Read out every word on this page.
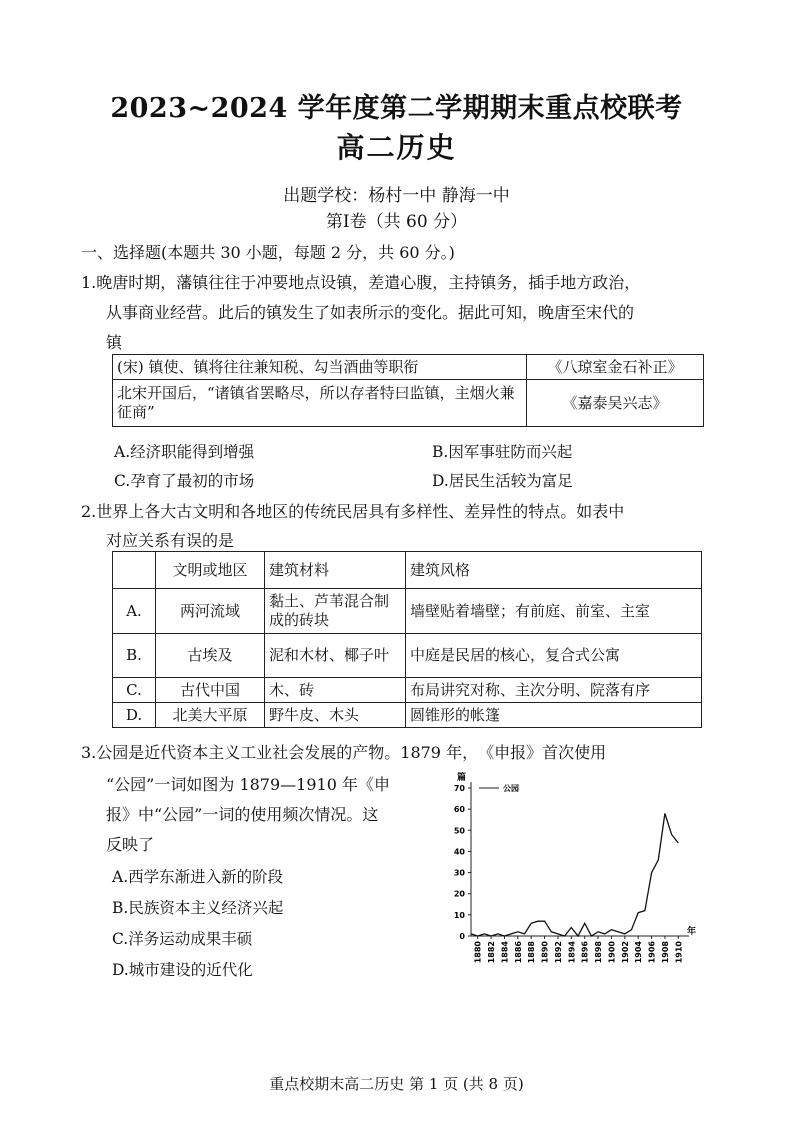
2023~2024 学年度第二学期期末重点校联考
高二历史
出题学校：杨村一中 静海一中
第Ⅰ卷（共 60 分）
一、选择题(本题共 30 小题，每题 2 分，共 60 分。)
1.晚唐时期，藩镇往往于冲要地点设镇，差遣心腹，主持镇务，插手地方政治，
从事商业经营。此后的镇发生了如表所示的变化。据此可知，晚唐至宋代的
镇
(宋) 镇使、镇将往往兼知税、勾当酒曲等职衔	《八琼室金石补正》
北宋开国后，“诸镇省罢略尽，所以存者特曰监镇，主烟火兼征商”	《嘉泰吴兴志》
A.经济职能得到增强	B.因军事驻防而兴起
C.孕育了最初的市场	D.居民生活较为富足
2.世界上各大古文明和各地区的传统民居具有多样性、差异性的特点。如表中
对应关系有误的是
	文明或地区	建筑材料	建筑风格
A.	两河流域	黏土、芦苇混合制成的砖块	墙壁贴着墙壁；有前庭、前室、主室
B.	古埃及	泥和木材、椰子叶	中庭是民居的核心，复合式公寓
C.	古代中国	木、砖	布局讲究对称、主次分明、院落有序
D.	北美大平原	野牛皮、木头	圆锥形的帐篷
3.公园是近代资本主义工业社会发展的产物。1879 年，　《申报》首次使用
“公园”一词如图为 1879—1910 年《申
报》中“公园”一词的使用频次情况。这
反映了
A.西学东渐进入新的阶段
B.民族资本主义经济兴起
C.洋务运动成果丰硕
D.城市建设的近代化
0
10
20
30
40
50
60
70
篇
1880 1882 1884 1886 1888 1890 1892 1894 1896 1898 1900 1902 1904 1906 1908 1910
年
公园
重点校期末高二历史 第 1 页 (共 8 页)
